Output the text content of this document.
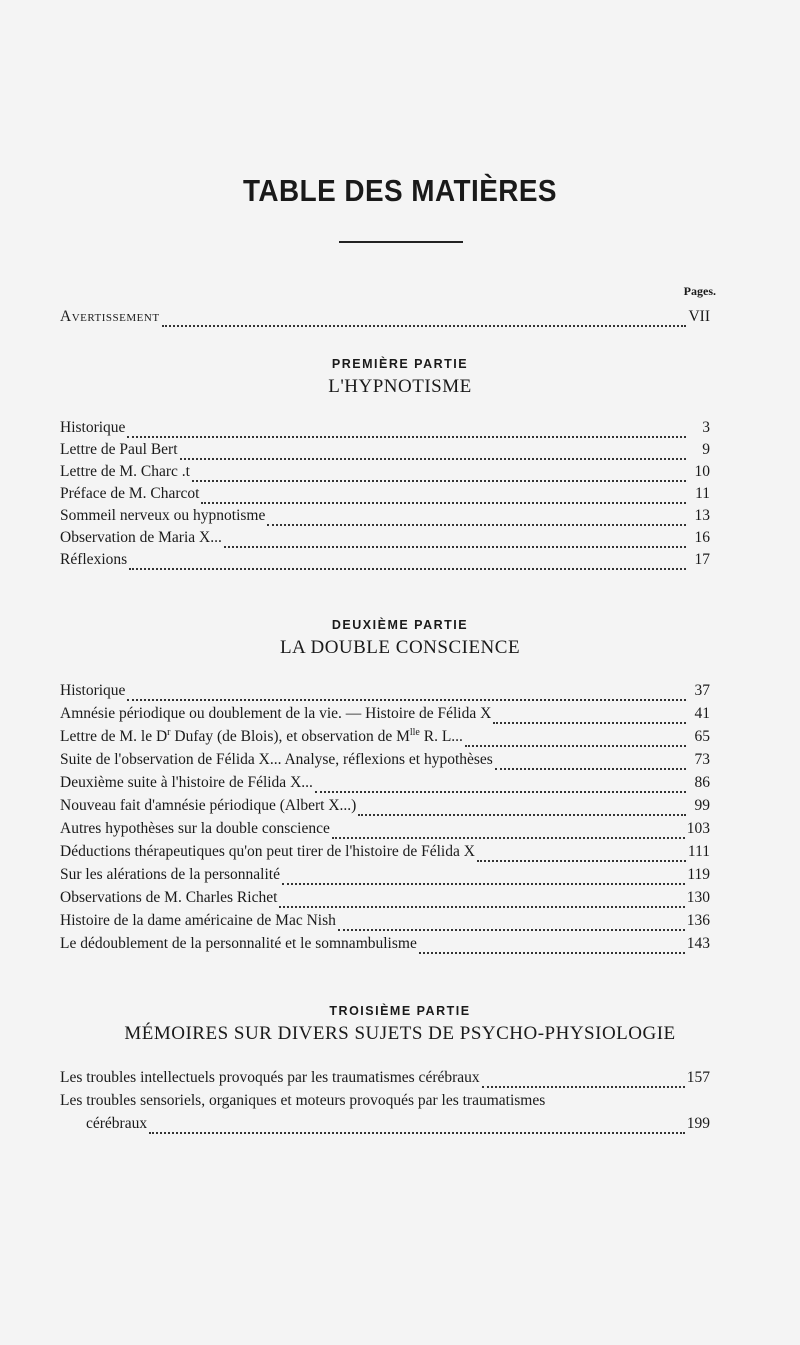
TABLE DES MATIÈRES
Pages.
Avertissement	VII
PREMIÈRE PARTIE
L'HYPNOTISME
Historique	3
Lettre de Paul Bert	9
Lettre de M. Charc .t	10
Préface de M. Charcot	11
Sommeil nerveux ou hypnotisme	13
Observation de Maria X...	16
Réflexions	17
DEUXIÈME PARTIE
LA DOUBLE CONSCIENCE
Historique	37
Amnésie périodique ou doublement de la vie. — Histoire de Félida X	41
Lettre de M. le $D^r$ Dufay (de Blois), et observation de $M^{lle}$ R. L...	65
Suite de l'observation de Félida X... Analyse, réflexions et hypothèses	73
Deuxième suite à l'histoire de Félida X...	86
Nouveau fait d'amnésie périodique (Albert X...)	99
Autres hypothèses sur la double conscience	103
Déductions thérapeutiques qu'on peut tirer de l'histoire de Félida X	111
Sur les alérations de la personnalité	119
Observations de M. Charles Richet	130
Histoire de la dame américaine de Mac Nish	136
Le dédoublement de la personnalité et le somnambulisme	143
TROISIÈME PARTIE
MÉMOIRES SUR DIVERS SUJETS DE PSYCHO-PHYSIOLOGIE
Les troubles intellectuels provoqués par les traumatismes cérébraux	157
Les troubles sensoriels, organiques et moteurs provoqués par les traumatismes
cérébraux	199
